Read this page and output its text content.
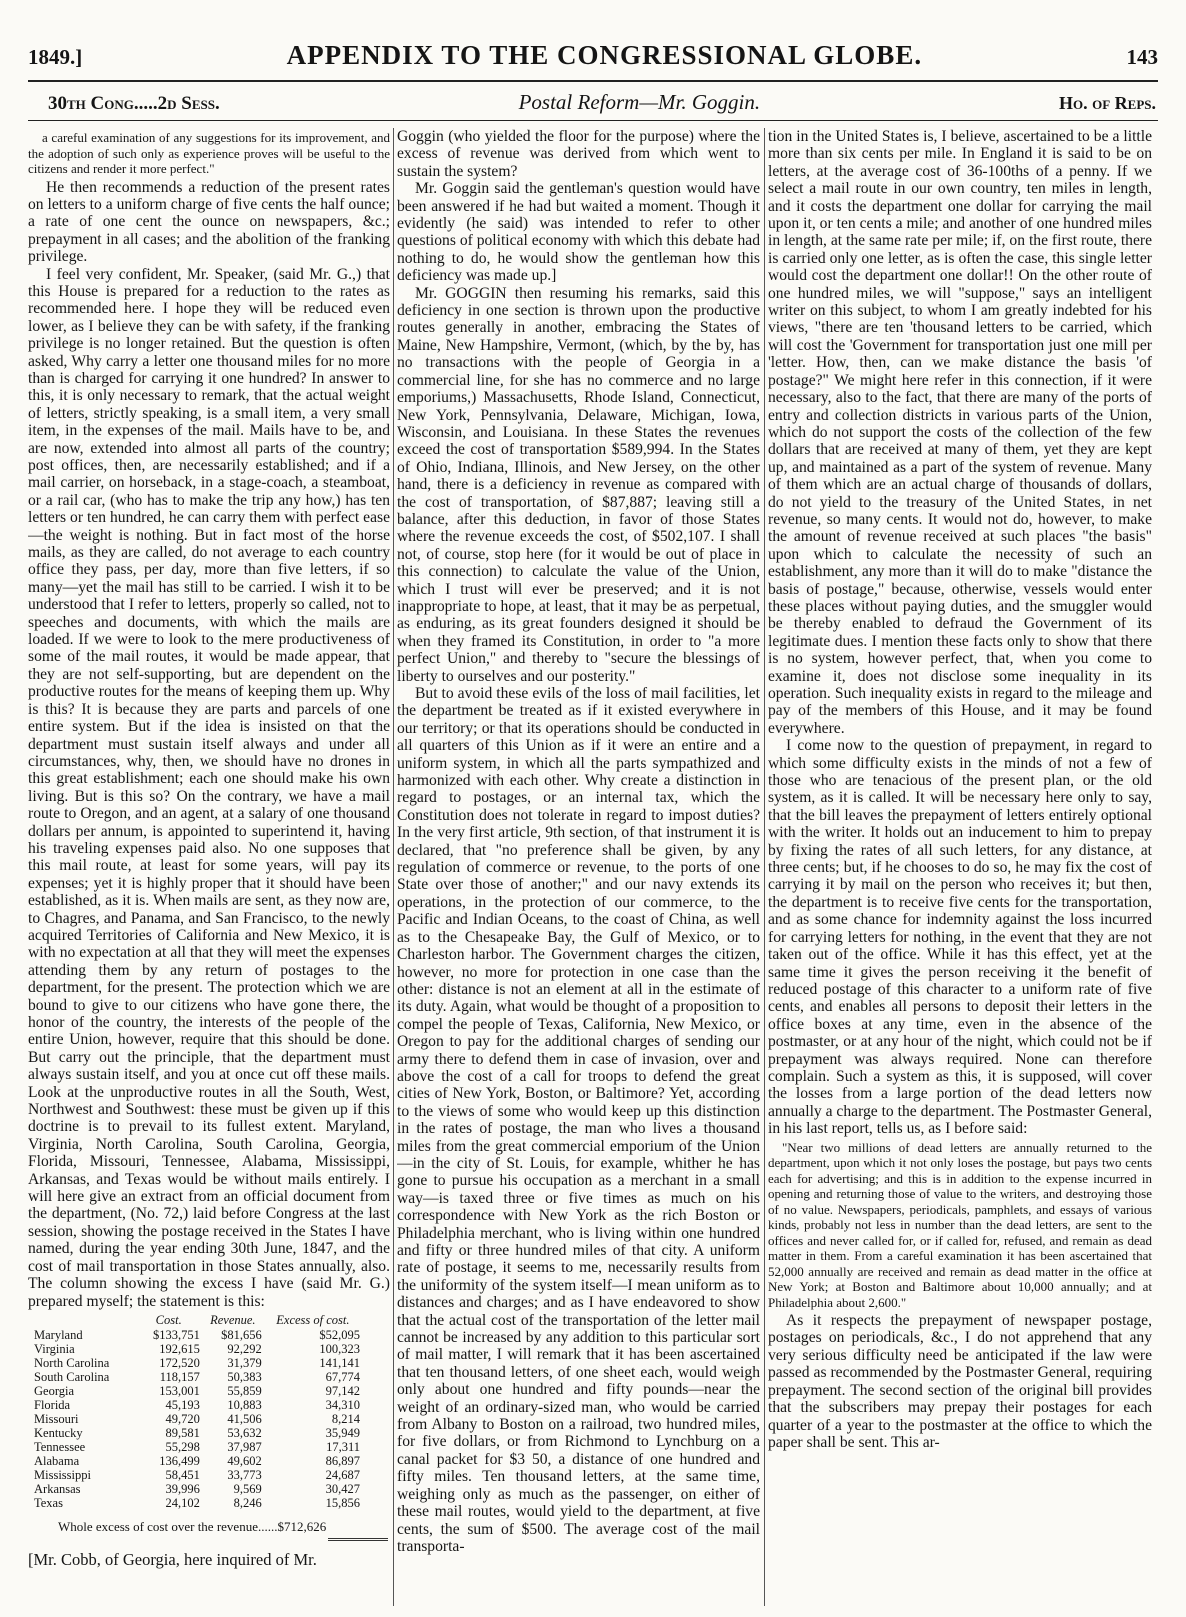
1849.]	APPENDIX TO THE CONGRESSIONAL GLOBE.	143
30th Cong.....2d Sess.	Postal Reform—Mr. Goggin.	Ho. of Reps.

a careful examination of any suggestions for its improvement, and the adoption of such only as experience proves will be useful to the citizens and render it more perfect."

He then recommends a reduction of the present rates on letters to a uniform charge of five cents the half ounce; a rate of one cent the ounce on newspapers, &c.; prepayment in all cases; and the abolition of the franking privilege.

I feel very confident, Mr. Speaker, (said Mr. G.,) that this House is prepared for a reduction to the rates as recommended here. I hope they will be reduced even lower, as I believe they can be with safety, if the franking privilege is no longer retained. But the question is often asked, Why carry a letter one thousand miles for no more than is charged for carrying it one hundred? In answer to this, it is only necessary to remark, that the actual weight of letters, strictly speaking, is a small item, a very small item, in the expenses of the mail. Mails have to be, and are now, extended into almost all parts of the country; post offices, then, are necessarily established; and if a mail carrier, on horseback, in a stage-coach, a steamboat, or a rail car, (who has to make the trip any how,) has ten letters or ten hundred, he can carry them with perfect ease—the weight is nothing. But in fact most of the horse mails, as they are called, do not average to each country office they pass, per day, more than five letters, if so many—yet the mail has still to be carried. I wish it to be understood that I refer to letters, properly so called, not to speeches and documents, with which the mails are loaded. If we were to look to the mere productiveness of some of the mail routes, it would be made appear, that they are not self-supporting, but are dependent on the productive routes for the means of keeping them up. Why is this? It is because they are parts and parcels of one entire system. But if the idea is insisted on that the department must sustain itself always and under all circumstances, why, then, we should have no drones in this great establishment; each one should make his own living. But is this so? On the contrary, we have a mail route to Oregon, and an agent, at a salary of one thousand dollars per annum, is appointed to superintend it, having his traveling expenses paid also. No one supposes that this mail route, at least for some years, will pay its expenses; yet it is highly proper that it should have been established, as it is. When mails are sent, as they now are, to Chagres, and Panama, and San Francisco, to the newly acquired Territories of California and New Mexico, it is with no expectation at all that they will meet the expenses attending them by any return of postages to the department, for the present. The protection which we are bound to give to our citizens who have gone there, the honor of the country, the interests of the people of the entire Union, however, require that this should be done. But carry out the principle, that the department must always sustain itself, and you at once cut off these mails. Look at the unproductive routes in all the South, West, Northwest and Southwest: these must be given up if this doctrine is to prevail to its fullest extent. Maryland, Virginia, North Carolina, South Carolina, Georgia, Florida, Missouri, Tennessee, Alabama, Mississippi, Arkansas, and Texas would be without mails entirely. I will here give an extract from an official document from the department, (No. 72,) laid before Congress at the last session, showing the postage received in the States I have named, during the year ending 30th June, 1847, and the cost of mail transportation in those States annually, also. The column showing the excess I have (said Mr. G.) prepared myself; the statement is this:

	Cost.	Revenue.	Excess of cost.
Maryland	$133,751	$81,656	$52,095
Virginia	192,615	92,292	100,323
North Carolina	172,520	31,379	141,141
South Carolina	118,157	50,383	67,774
Georgia	153,001	55,859	97,142
Florida	45,193	10,883	34,310
Missouri	49,720	41,506	8,214
Kentucky	89,581	53,632	35,949
Tennessee	55,298	37,987	17,311
Alabama	136,499	49,602	86,897
Mississippi	58,451	33,773	24,687
Arkansas	39,996	9,569	30,427
Texas	24,102	8,246	15,856
Whole excess of cost over the revenue......$712,626

[Mr. Cobb, of Georgia, here inquired of Mr.

Goggin (who yielded the floor for the purpose) where the excess of revenue was derived from which went to sustain the system?

Mr. Goggin said the gentleman's question would have been answered if he had but waited a moment. Though it evidently (he said) was intended to refer to other questions of political economy with which this debate had nothing to do, he would show the gentleman how this deficiency was made up.]

Mr. GOGGIN then resuming his remarks, said this deficiency in one section is thrown upon the productive routes generally in another, embracing the States of Maine, New Hampshire, Vermont, (which, by the by, has no transactions with the people of Georgia in a commercial line, for she has no commerce and no large emporiums,) Massachusetts, Rhode Island, Connecticut, New York, Pennsylvania, Delaware, Michigan, Iowa, Wisconsin, and Louisiana. In these States the revenues exceed the cost of transportation $589,994. In the States of Ohio, Indiana, Illinois, and New Jersey, on the other hand, there is a deficiency in revenue as compared with the cost of transportation, of $87,887; leaving still a balance, after this deduction, in favor of those States where the revenue exceeds the cost, of $502,107. I shall not, of course, stop here (for it would be out of place in this connection) to calculate the value of the Union, which I trust will ever be preserved; and it is not inappropriate to hope, at least, that it may be as perpetual, as enduring, as its great founders designed it should be when they framed its Constitution, in order to "a more perfect Union," and thereby to "secure the blessings of liberty to ourselves and our posterity."

But to avoid these evils of the loss of mail facilities, let the department be treated as if it existed everywhere in our territory; or that its operations should be conducted in all quarters of this Union as if it were an entire and a uniform system, in which all the parts sympathized and harmonized with each other. Why create a distinction in regard to postages, or an internal tax, which the Constitution does not tolerate in regard to impost duties? In the very first article, 9th section, of that instrument it is declared, that "no preference shall be given, by any regulation of commerce or revenue, to the ports of one State over those of another;" and our navy extends its operations, in the protection of our commerce, to the Pacific and Indian Oceans, to the coast of China, as well as to the Chesapeake Bay, the Gulf of Mexico, or to Charleston harbor. The Government charges the citizen, however, no more for protection in one case than the other: distance is not an element at all in the estimate of its duty. Again, what would be thought of a proposition to compel the people of Texas, California, New Mexico, or Oregon to pay for the additional charges of sending our army there to defend them in case of invasion, over and above the cost of a call for troops to defend the great cities of New York, Boston, or Baltimore? Yet, according to the views of some who would keep up this distinction in the rates of postage, the man who lives a thousand miles from the great commercial emporium of the Union—in the city of St. Louis, for example, whither he has gone to pursue his occupation as a merchant in a small way—is taxed three or five times as much on his correspondence with New York as the rich Boston or Philadelphia merchant, who is living within one hundred and fifty or three hundred miles of that city. A uniform rate of postage, it seems to me, necessarily results from the uniformity of the system itself—I mean uniform as to distances and charges; and as I have endeavored to show that the actual cost of the transportation of the letter mail cannot be increased by any addition to this particular sort of mail matter, I will remark that it has been ascertained that ten thousand letters, of one sheet each, would weigh only about one hundred and fifty pounds—near the weight of an ordinary-sized man, who would be carried from Albany to Boston on a railroad, two hundred miles, for five dollars, or from Richmond to Lynchburg on a canal packet for $3 50, a distance of one hundred and fifty miles. Ten thousand letters, at the same time, weighing only as much as the passenger, on either of these mail routes, would yield to the department, at five cents, the sum of $500. The average cost of the mail transporta-

tion in the United States is, I believe, ascertained to be a little more than six cents per mile. In England it is said to be on letters, at the average cost of 36-100ths of a penny. If we select a mail route in our own country, ten miles in length, and it costs the department one dollar for carrying the mail upon it, or ten cents a mile; and another of one hundred miles in length, at the same rate per mile; if, on the first route, there is carried only one letter, as is often the case, this single letter would cost the department one dollar!! On the other route of one hundred miles, we will "suppose," says an intelligent writer on this subject, to whom I am greatly indebted for his views, "there are ten 'thousand letters to be carried, which will cost the 'Government for transportation just one mill per 'letter. How, then, can we make distance the basis 'of postage?" We might here refer in this connection, if it were necessary, also to the fact, that there are many of the ports of entry and collection districts in various parts of the Union, which do not support the costs of the collection of the few dollars that are received at many of them, yet they are kept up, and maintained as a part of the system of revenue. Many of them which are an actual charge of thousands of dollars, do not yield to the treasury of the United States, in net revenue, so many cents. It would not do, however, to make the amount of revenue received at such places "the basis" upon which to calculate the necessity of such an establishment, any more than it will do to make "distance the basis of postage," because, otherwise, vessels would enter these places without paying duties, and the smuggler would be thereby enabled to defraud the Government of its legitimate dues. I mention these facts only to show that there is no system, however perfect, that, when you come to examine it, does not disclose some inequality in its operation. Such inequality exists in regard to the mileage and pay of the members of this House, and it may be found everywhere.

I come now to the question of prepayment, in regard to which some difficulty exists in the minds of not a few of those who are tenacious of the present plan, or the old system, as it is called. It will be necessary here only to say, that the bill leaves the prepayment of letters entirely optional with the writer. It holds out an inducement to him to prepay by fixing the rates of all such letters, for any distance, at three cents; but, if he chooses to do so, he may fix the cost of carrying it by mail on the person who receives it; but then, the department is to receive five cents for the transportation, and as some chance for indemnity against the loss incurred for carrying letters for nothing, in the event that they are not taken out of the office. While it has this effect, yet at the same time it gives the person receiving it the benefit of reduced postage of this character to a uniform rate of five cents, and enables all persons to deposit their letters in the office boxes at any time, even in the absence of the postmaster, or at any hour of the night, which could not be if prepayment was always required. None can therefore complain. Such a system as this, it is supposed, will cover the losses from a large portion of the dead letters now annually a charge to the department. The Postmaster General, in his last report, tells us, as I before said:

"Near two millions of dead letters are annually returned to the department, upon which it not only loses the postage, but pays two cents each for advertising; and this is in addition to the expense incurred in opening and returning those of value to the writers, and destroying those of no value. Newspapers, periodicals, pamphlets, and essays of various kinds, probably not less in number than the dead letters, are sent to the offices and never called for, or if called for, refused, and remain as dead matter in them. From a careful examination it has been ascertained that 52,000 annually are received and remain as dead matter in the office at New York; at Boston and Baltimore about 10,000 annually; and at Philadelphia about 2,600."

As it respects the prepayment of newspaper postage, postages on periodicals, &c., I do not apprehend that any very serious difficulty need be anticipated if the law were passed as recommended by the Postmaster General, requiring prepayment. The second section of the original bill provides that the subscribers may prepay their postages for each quarter of a year to the postmaster at the office to which the paper shall be sent. This ar-
